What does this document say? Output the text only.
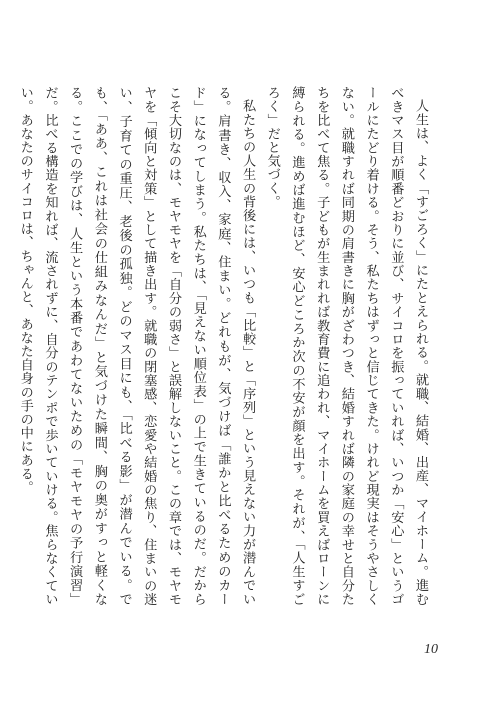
人生は、よく「すごろく」にたとえられる。就職、結婚、出産、マイホーム。進むべきマス目が順番どおりに並び、サイコロを振っていれば、いつか「安心」というゴールにたどり着ける。そう、私たちはずっと信じてきた。けれど現実はそうやさしくない。就職すれば同期の肩書きに胸がざわつき、結婚すれば隣の家庭の幸せと自分たちを比べて焦る。子どもが生まれれば教育費に追われ、マイホームを買えばローンに縛られる。進めば進むほど、安心どころか次の不安が顔を出す。それが、「人生すごろく」だと気づく。

私たちの人生の背後には、いつも「比較」と「序列」という見えない力が潜んでいる。肩書き、収入、家庭、住まい。どれもが、気づけば「誰かと比べるためのカード」になってしまう。私たちは、「見えない順位表」の上で生きているのだ。だからこそ大切なのは、モヤモヤを「自分の弱さ」と誤解しないこと。この章では、モヤモヤを「傾向と対策」として描き出す。就職の閉塞感、恋愛や結婚の焦り、住まいの迷い、子育ての重圧、老後の孤独。どのマス目にも、「比べる影」が潜んでいる。でも、「ああ、これは社会の仕組みなんだ」と気づけた瞬間、胸の奥がすっと軽くなる。ここでの学びは、人生という本番であわてないための「モヤモヤの予行演習」だ。比べる構造を知れば、流されずに、自分のテンポで歩いていける。焦らなくていい。あなたのサイコロは、ちゃんと、あなた自身の手の中にある。

10
